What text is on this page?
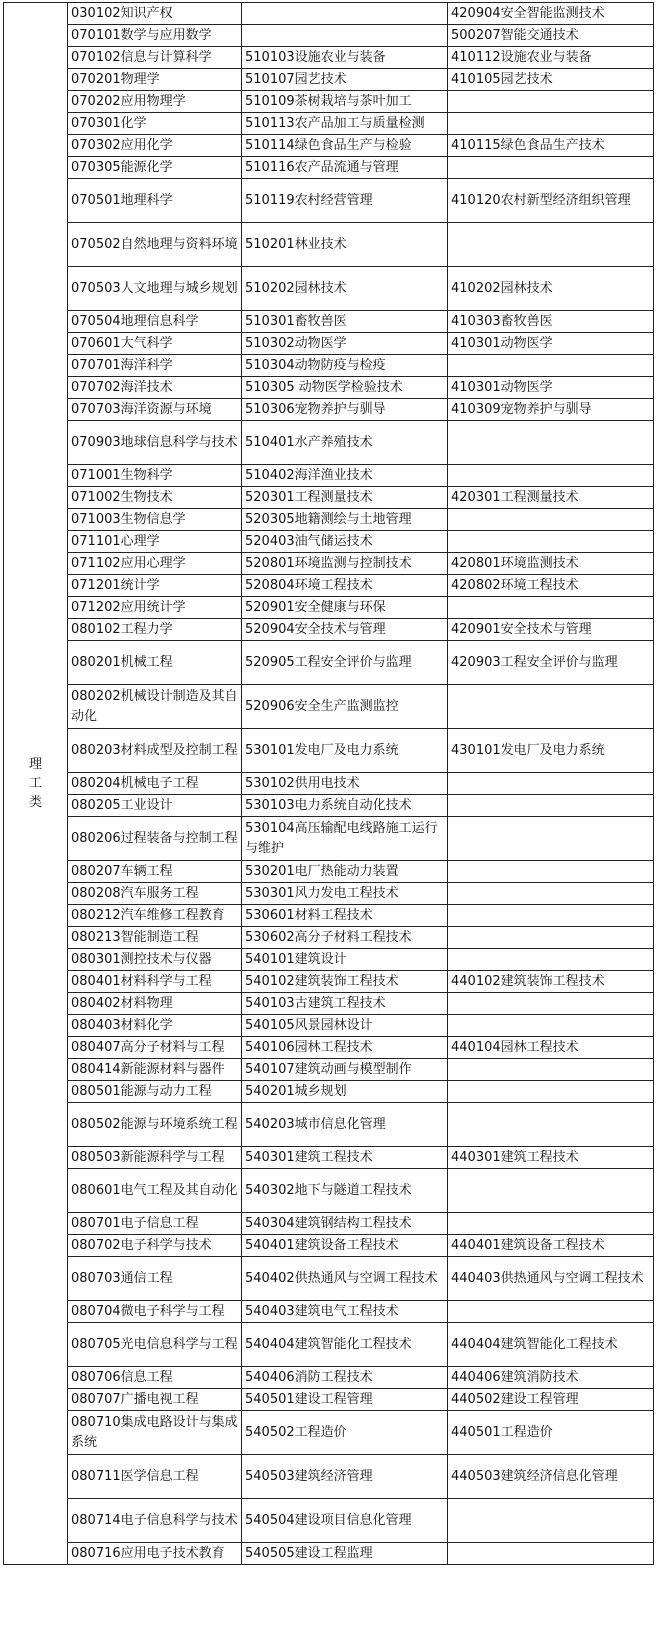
理工类	030102知识产权		420904安全智能监测技术
	070101数学与应用数学		500207智能交通技术
	070102信息与计算科学	510103设施农业与装备	410112设施农业与装备
	070201物理学	510107园艺技术	410105园艺技术
	070202应用物理学	510109茶树栽培与茶叶加工	
	070301化学	510113农产品加工与质量检测	
	070302应用化学	510114绿色食品生产与检验	410115绿色食品生产技术
	070305能源化学	510116农产品流通与管理	
	070501地理科学	510119农村经营管理	410120农村新型经济组织管理
	070502自然地理与资料环境	510201林业技术	
	070503人文地理与城乡规划	510202园林技术	410202园林技术
	070504地理信息科学	510301畜牧兽医	410303畜牧兽医
	070601大气科学	510302动物医学	410301动物医学
	070701海洋科学	510304动物防疫与检疫	
	070702海洋技术	510305 动物医学检验技术	410301动物医学
	070703海洋资源与环境	510306宠物养护与驯导	410309宠物养护与驯导
	070903地球信息科学与技术	510401水产养殖技术	
	071001生物科学	510402海洋渔业技术	
	071002生物技术	520301工程测量技术	420301工程测量技术
	071003生物信息学	520305地籍测绘与土地管理	
	071101心理学	520403油气储运技术	
	071102应用心理学	520801环境监测与控制技术	420801环境监测技术
	071201统计学	520804环境工程技术	420802环境工程技术
	071202应用统计学	520901安全健康与环保	
	080102工程力学	520904安全技术与管理	420901安全技术与管理
	080201机械工程	520905工程安全评价与监理	420903工程安全评价与监理
	080202机械设计制造及其自动化	520906安全生产监测监控	
	080203材料成型及控制工程	530101发电厂及电力系统	430101发电厂及电力系统
	080204机械电子工程	530102供用电技术	
	080205工业设计	530103电力系统自动化技术	
	080206过程装备与控制工程	530104高压输配电线路施工运行与维护	
	080207车辆工程	530201电厂热能动力装置	
	080208汽车服务工程	530301风力发电工程技术	
	080212汽车维修工程教育	530601材料工程技术	
	080213智能制造工程	530602高分子材料工程技术	
	080301测控技术与仪器	540101建筑设计	
	080401材料科学与工程	540102建筑装饰工程技术	440102建筑装饰工程技术
	080402材料物理	540103古建筑工程技术	
	080403材料化学	540105风景园林设计	
	080407高分子材料与工程	540106园林工程技术	440104园林工程技术
	080414新能源材料与器件	540107建筑动画与模型制作	
	080501能源与动力工程	540201城乡规划	
	080502能源与环境系统工程	540203城市信息化管理	
	080503新能源科学与工程	540301建筑工程技术	440301建筑工程技术
	080601电气工程及其自动化	540302地下与隧道工程技术	
	080701电子信息工程	540304建筑钢结构工程技术	
	080702电子科学与技术	540401建筑设备工程技术	440401建筑设备工程技术
	080703通信工程	540402供热通风与空调工程技术	440403供热通风与空调工程技术
	080704微电子科学与工程	540403建筑电气工程技术	
	080705光电信息科学与工程	540404建筑智能化工程技术	440404建筑智能化工程技术
	080706信息工程	540406消防工程技术	440406建筑消防技术
	080707广播电视工程	540501建设工程管理	440502建设工程管理
	080710集成电路设计与集成系统	540502工程造价	440501工程造价
	080711医学信息工程	540503建筑经济管理	440503建筑经济信息化管理
	080714电子信息科学与技术	540504建设项目信息化管理	
	080716应用电子技术教育	540505建设工程监理	
